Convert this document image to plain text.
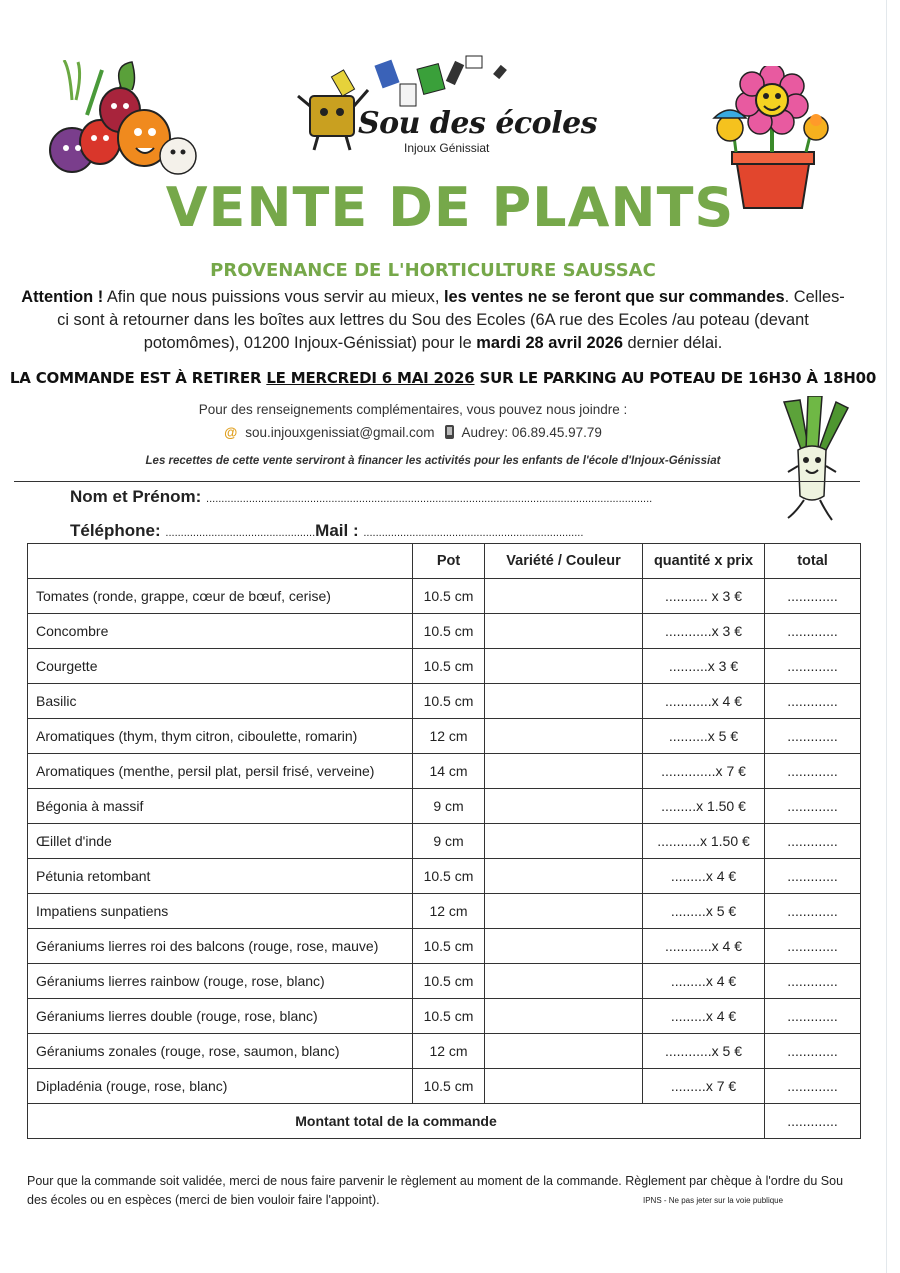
Sou des écoles
Injoux Génissiat
VENTE DE PLANTS
PROVENANCE DE L'HORTICULTURE SAUSSAC
Attention ! Afin que nous puissions vous servir au mieux, les ventes ne se feront que sur commandes. Celles-ci sont à retourner dans les boîtes aux lettres du Sou des Ecoles (6A rue des Ecoles /au poteau (devant potomômes), 01200 Injoux-Génissiat) pour le mardi 28 avril 2026 dernier délai.
LA COMMANDE EST À RETIRER LE MERCREDI 6 MAI 2026 SUR LE PARKING AU POTEAU DE 16H30 À 18H00
Pour des renseignements complémentaires, vous pouvez nous joindre :
@ sou.injouxgenissiat@gmail.com Audrey: 06.89.45.97.79
Les recettes de cette vente serviront à financer les activités pour les enfants de l'école d'Injoux-Génissiat
Nom et Prénom: ..................................................................................................................................................
Téléphone: .................................................Mail : ........................................................................
	Pot	Variété / Couleur	quantité x prix	total
Tomates (ronde, grappe, cœur de bœuf, cerise)	10.5 cm		........... x 3 €	.............
Concombre	10.5 cm		............x 3 €	.............
Courgette	10.5 cm		..........x 3 €	.............
Basilic	10.5 cm		............x 4 €	.............
Aromatiques (thym, thym citron, ciboulette, romarin)	12 cm		..........x 5 €	.............
Aromatiques (menthe, persil plat, persil frisé, verveine)	14 cm		..............x 7 €	.............
Bégonia à massif	9 cm		.........x 1.50 €	.............
Œillet d'inde	9 cm		...........x 1.50 €	.............
Pétunia retombant	10.5 cm		.........x 4 €	.............
Impatiens sunpatiens	12 cm		.........x 5 €	.............
Géraniums lierres roi des balcons (rouge, rose, mauve)	10.5 cm		............x 4 €	.............
Géraniums lierres rainbow (rouge, rose, blanc)	10.5 cm		.........x 4 €	.............
Géraniums lierres double (rouge, rose, blanc)	10.5 cm		.........x 4 €	.............
Géraniums zonales (rouge, rose, saumon, blanc)	12 cm		............x 5 €	.............
Dipladénia (rouge, rose, blanc)	10.5 cm		.........x 7 €	.............
Montant total de la commande				.............
Pour que la commande soit validée, merci de nous faire parvenir le règlement au moment de la commande. Règlement par chèque à l'ordre du Sou des écoles ou en espèces (merci de bien vouloir faire l'appoint).	IPNS - Ne pas jeter sur la voie publique
